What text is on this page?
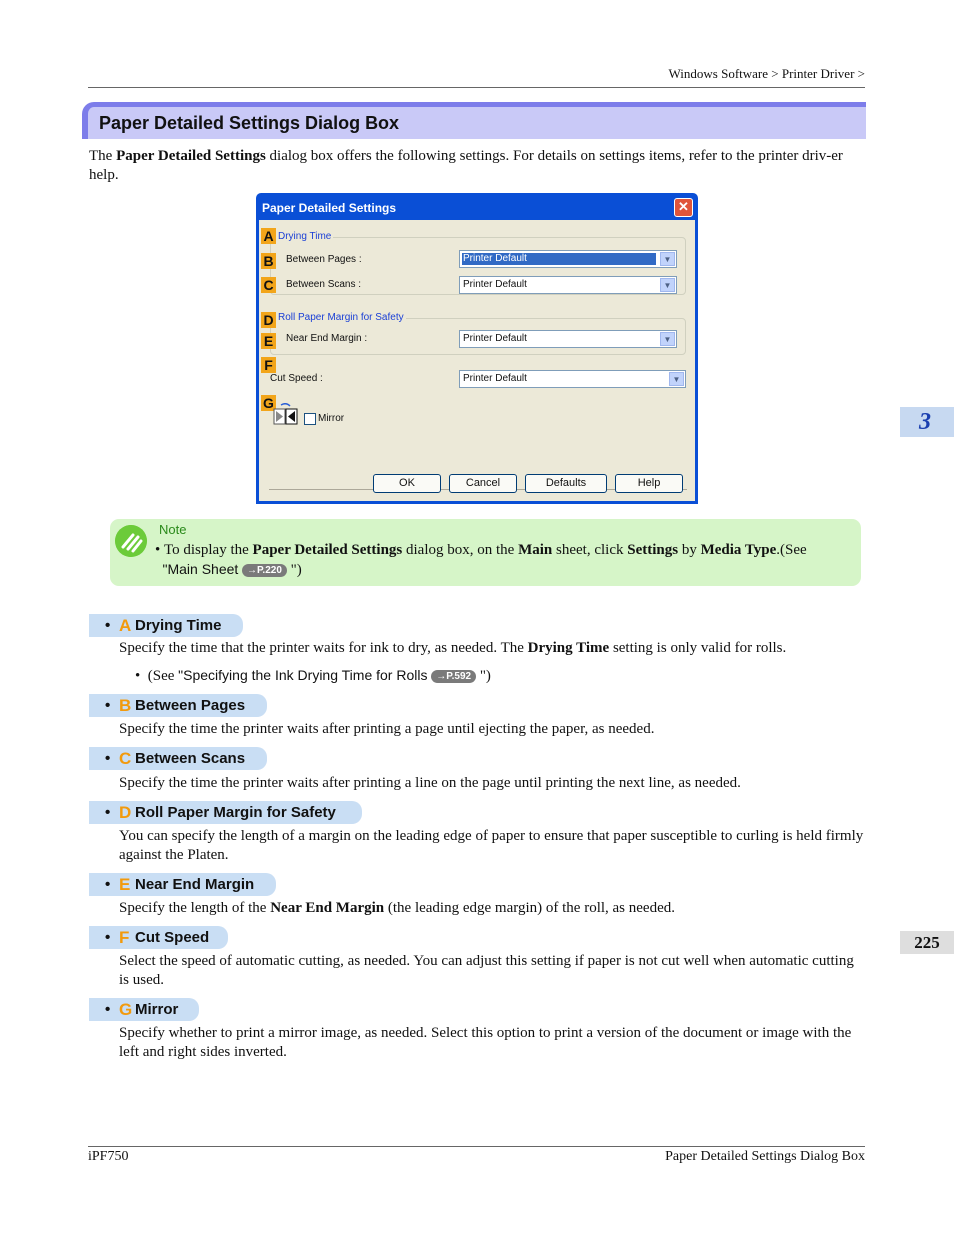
Windows Software > Printer Driver >
Paper Detailed Settings Dialog Box
The Paper Detailed Settings dialog box offers the following settings. For details on settings items, refer to the printer driv-er help.
Paper Detailed Settings	✕
Drying Time
A
B Between Pages :	Printer Default	▼
C Between Scans :	Printer Default	▼
Roll Paper Margin for Safety
D
E Near End Margin :	Printer Default	▼
F
Cut Speed :	Printer Default	▼
G
Mirror
OK	Cancel	Defaults	Help
Note
• To display the Paper Detailed Settings dialog box, on the Main sheet, click Settings by Media Type.(See
"Main Sheet →P.220 ")
• A Drying Time
Specify the time that the printer waits for ink to dry, as needed. The Drying Time setting is only valid for rolls.
• (See "Specifying the Ink Drying Time for Rolls →P.592 ")
• B Between Pages
Specify the time the printer waits after printing a page until ejecting the paper, as needed.
• C Between Scans
Specify the time the printer waits after printing a line on the page until printing the next line, as needed.
• D Roll Paper Margin for Safety
You can specify the length of a margin on the leading edge of paper to ensure that paper susceptible to curling is held firmly against the Platen.
• E Near End Margin
Specify the length of the Near End Margin (the leading edge margin) of the roll, as needed.
• F Cut Speed
Select the speed of automatic cutting, as needed. You can adjust this setting if paper is not cut well when automatic cutting is used.
• G Mirror
Specify whether to print a mirror image, as needed. Select this option to print a version of the document or image with the left and right sides inverted.
3
225
iPF750	Paper Detailed Settings Dialog Box
